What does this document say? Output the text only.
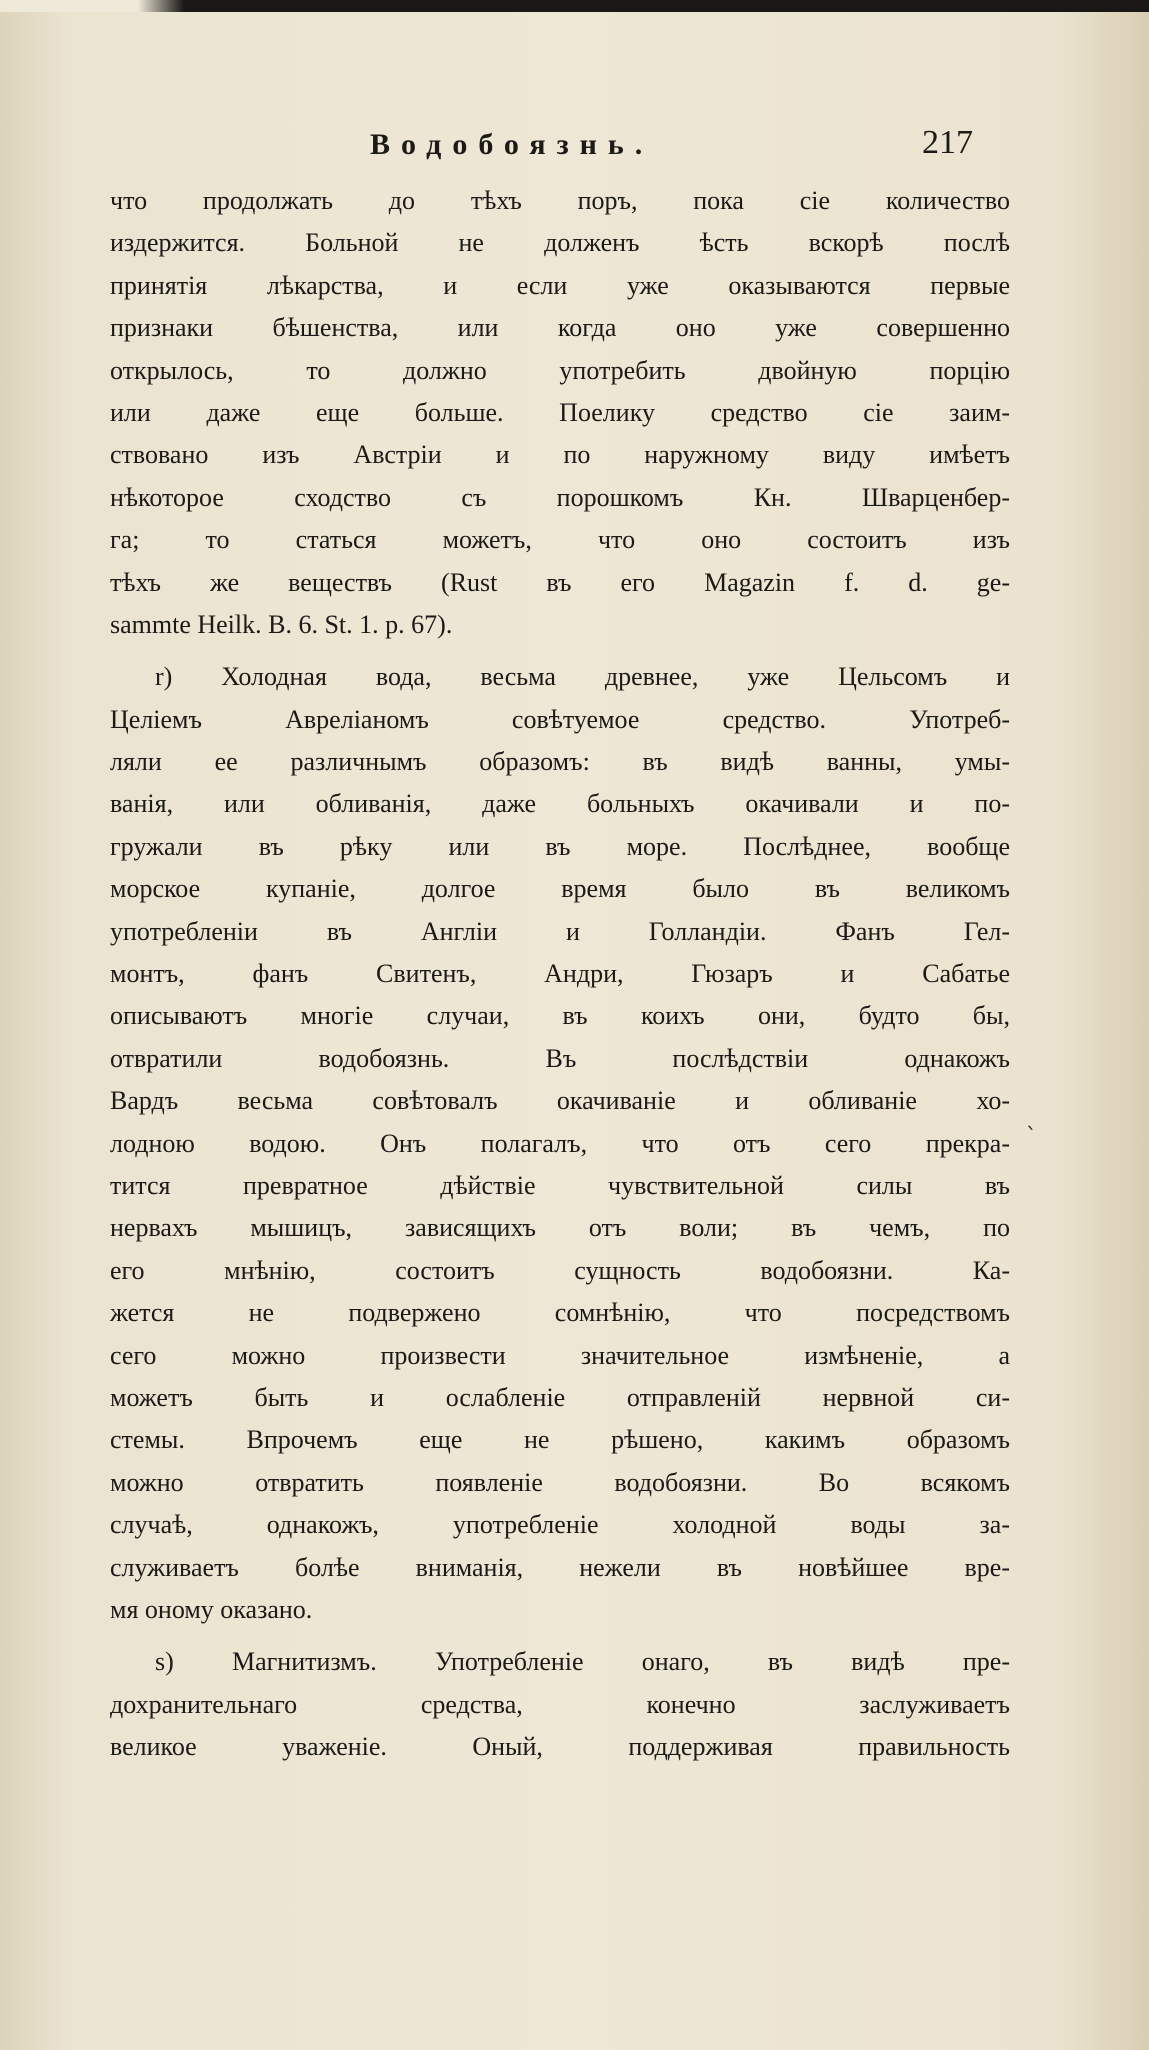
Водобоязнь.	217
что продолжать до тѣхъ поръ, пока сіе количество
издержится. Больной не долженъ ѣсть вскорѣ послѣ
принятія лѣкарства, и если уже оказываются первые
признаки бѣшенства, или когда оно уже совершенно
открылось, то должно употребить двойную порцію
или даже еще больше. Поелику средство сіе заим-
ствовано изъ Австріи и по наружному виду имѣетъ
нѣкоторое сходство съ порошкомъ Кн. Шварценбер-
га; то статься можетъ, что оно состоитъ изъ
тѣхъ же веществъ (Rust въ его Magazin f. d. ge-
sammte Heilk. B. 6. St. 1. p. 67).
r) Холодная вода, весьма древнее, уже Цельсомъ и
Целіемъ Авреліаномъ совѣтуемое средство. Употреб-
ляли ее различнымъ образомъ: въ видѣ ванны, умы-
ванія, или обливанія, даже больныхъ окачивали и по-
гружали въ рѣку или въ море. Послѣднее, вообще
морское купаніе, долгое время было въ великомъ
употребленіи въ Англіи и Голландіи. Фанъ Гел-
монтъ, фанъ Свитенъ, Андри, Гюзаръ и Сабатье
описываютъ многіе случаи, въ коихъ они, будто бы,
отвратили водобоязнь. Въ послѣдствіи однакожъ
Вардъ весьма совѣтовалъ окачиваніе и обливаніе хо-
лодною водою. Онъ полагалъ, что отъ сего прекра-
тится превратное дѣйствіе чувствительной силы въ
нервахъ мышицъ, зависящихъ отъ воли; въ чемъ, по
его мнѣнію, состоитъ сущность водобоязни. Ка-
жется не подвержено сомнѣнію, что посредствомъ
сего можно произвести значительное измѣненіе, а
можетъ быть и ослабленіе отправленій нервной си-
стемы. Впрочемъ еще не рѣшено, какимъ образомъ
можно отвратить появленіе водобоязни. Во всякомъ
случаѣ, однакожъ, употребленіе холодной воды за-
служиваетъ болѣе вниманія, нежели въ новѣйшее вре-
мя оному оказано.
s) Магнитизмъ. Употребленіе онаго, въ видѣ пре-
дохранительнаго средства, конечно заслуживаетъ
великое уваженіе. Оный, поддерживая правильность
`
